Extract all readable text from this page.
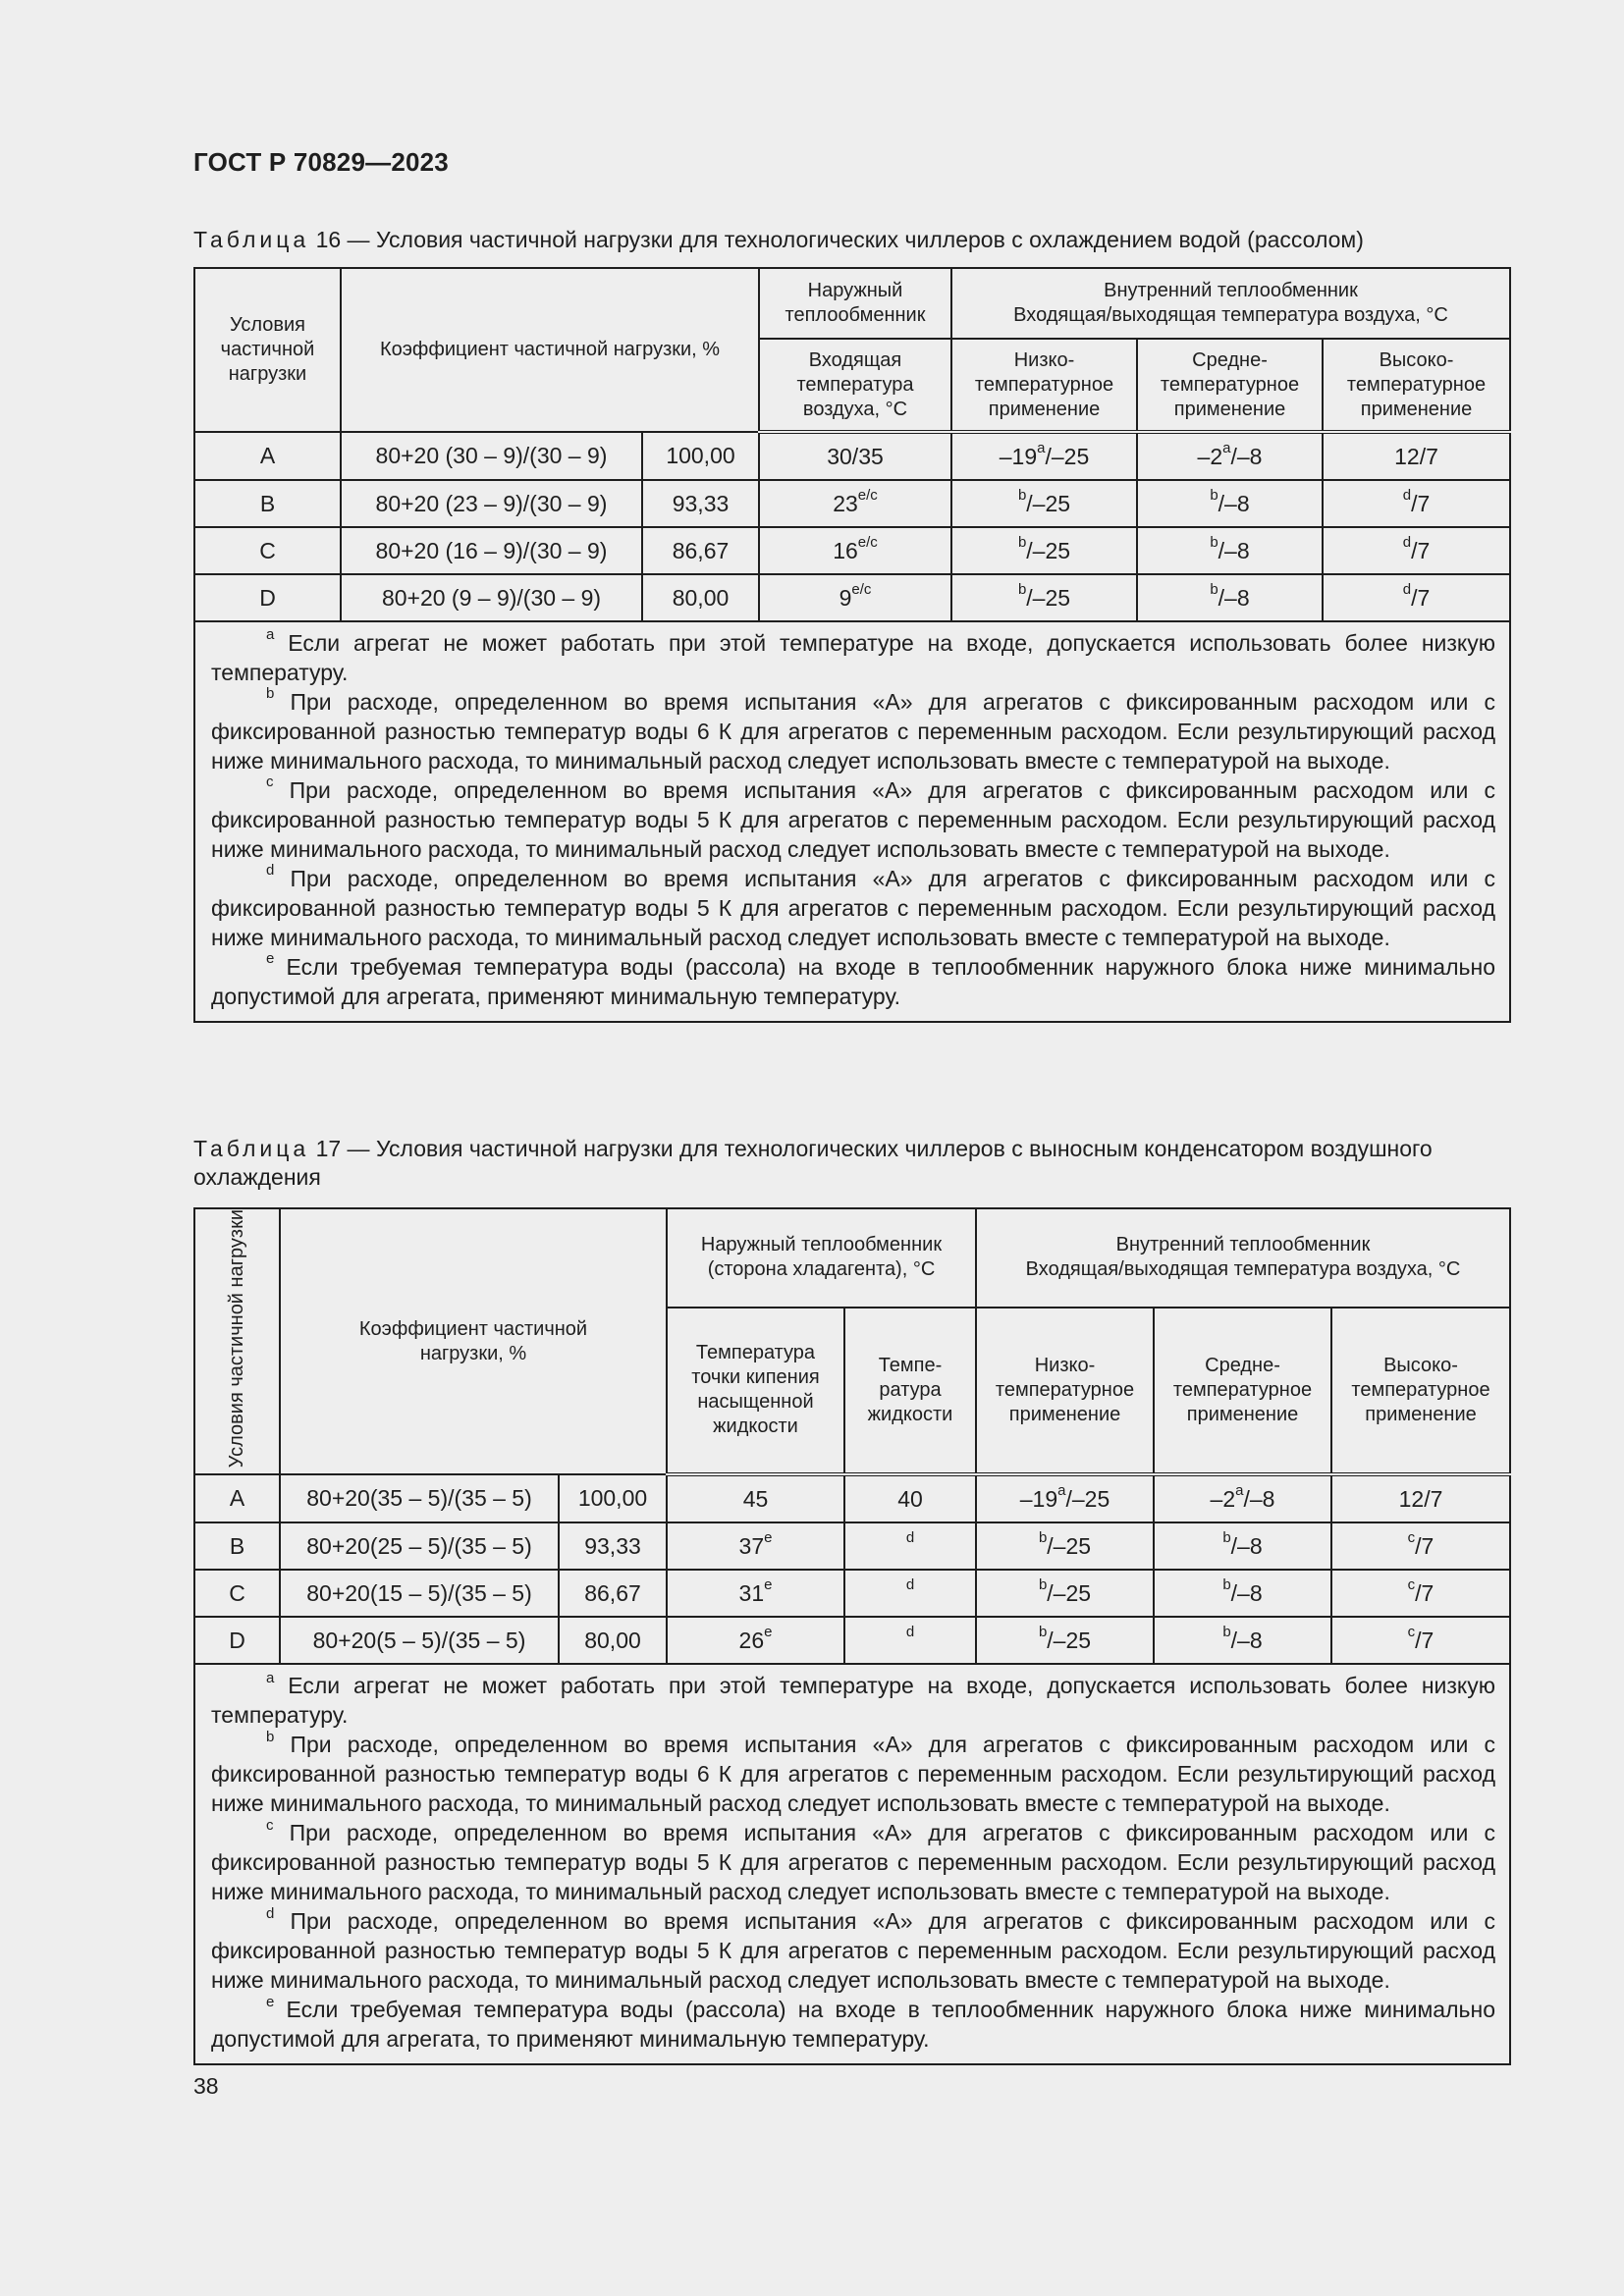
ГОСТ Р 70829—2023
Таблица 16 — Условия частичной нагрузки для технологических чиллеров с охлаждением водой (рассолом)
Условия частичной нагрузки	Коэффициент частичной нагрузки, %		Наружный теплообменник	Внутренний теплообменник
Входящая/выходящая температура воздуха, °С		

			Входящая температура воздуха, °С	Низко-температурное применение	Средне-температурное применение	Высоко-температурное применение
A	80+20 (30 – 9)/(30 – 9)	100,00	30/35	–19$^a$/–25	–2$^a$/–8	12/7
B	80+20 (23 – 9)/(30 – 9)	93,33	$23^{e/c}$	$^b$/–25	$^b$/–8	$^d$/7
C	80+20 (16 – 9)/(30 – 9)	86,67	$16^{e/c}$	$^b$/–25	$^b$/–8	$^d$/7
D	80+20 (9 – 9)/(30 – 9)	80,00	$9^{e/c}$	$^b$/–25	$^b$/–8	$^d$/7

$^a$ Если агрегат не может работать при этой температуре на входе, допускается использовать более низкую температуру.

$^b$ При расходе, определенном во время испытания «А» для агрегатов с фиксированным расходом или с фиксированной разностью температур воды 6 К для агрегатов с переменным расходом. Если результирующий расход ниже минимального расхода, то минимальный расход следует использовать вместе с температурой на выходе.

$^c$ При расходе, определенном во время испытания «А» для агрегатов с фиксированным расходом или с фиксированной разностью температур воды 5 К для агрегатов с переменным расходом. Если результирующий расход ниже минимального расхода, то минимальный расход следует использовать вместе с температурой на выходе.

$^d$ При расходе, определенном во время испытания «А» для агрегатов с фиксированным расходом или с фиксированной разностью температур воды 5 К для агрегатов с переменным расходом. Если результирующий расход ниже минимального расхода, то минимальный расход следует использовать вместе с температурой на выходе.

$^e$ Если требуемая температура воды (рассола) на входе в теплообменник наружного блока ниже минимально допустимой для агрегата, применяют минимальную температуру.						

Таблица 17 — Условия частичной нагрузки для технологических чиллеров с выносным конденсатором воздушного охлаждения
Условия частичной нагрузки	Коэффициент частичной нагрузки, %		Наружный теплообменник (сторона хладагента), °С		Внутренний теплообменник
Входящая/выходящая температура воздуха, °С		

			Температура точки кипения насыщенной жидкости	Темпе-ратура жидкости	Низко-температурное применение	Средне-температурное применение	Высоко-температурное применение
A	80+20(35 – 5)/(35 – 5)	100,00	45	40	–19$^a$/–25	–2$^a$/–8	12/7
B	80+20(25 – 5)/(35 – 5)	93,33	37e	$^d$	$^b$/–25	$^b$/–8	$^c$/7
C	80+20(15 – 5)/(35 – 5)	86,67	31e	$^d$	$^b$/–25	$^b$/–8	$^c$/7
D	80+20(5 – 5)/(35 – 5)	80,00	26e	$^d$	$^b$/–25	$^b$/–8	$^c$/7

$^a$ Если агрегат не может работать при этой температуре на входе, допускается использовать более низкую температуру.

$^b$ При расходе, определенном во время испытания «А» для агрегатов с фиксированным расходом или с фиксированной разностью температур воды 6 К для агрегатов с переменным расходом. Если результирующий расход ниже минимального расхода, то минимальный расход следует использовать вместе с температурой на выходе.

$^c$ При расходе, определенном во время испытания «А» для агрегатов с фиксированным расходом или с фиксированной разностью температур воды 5 К для агрегатов с переменным расходом. Если результирующий расход ниже минимального расхода, то минимальный расход следует использовать вместе с температурой на выходе.

$^d$ При расходе, определенном во время испытания «А» для агрегатов с фиксированным расходом или с фиксированной разностью температур воды 5 К для агрегатов с переменным расходом. Если результирующий расход ниже минимального расхода, то минимальный расход следует использовать вместе с температурой на выходе.

$^e$ Если требуемая температура воды (рассола) на входе в теплообменник наружного блока ниже минимально допустимой для агрегата, то применяют минимальную температуру.							

38
